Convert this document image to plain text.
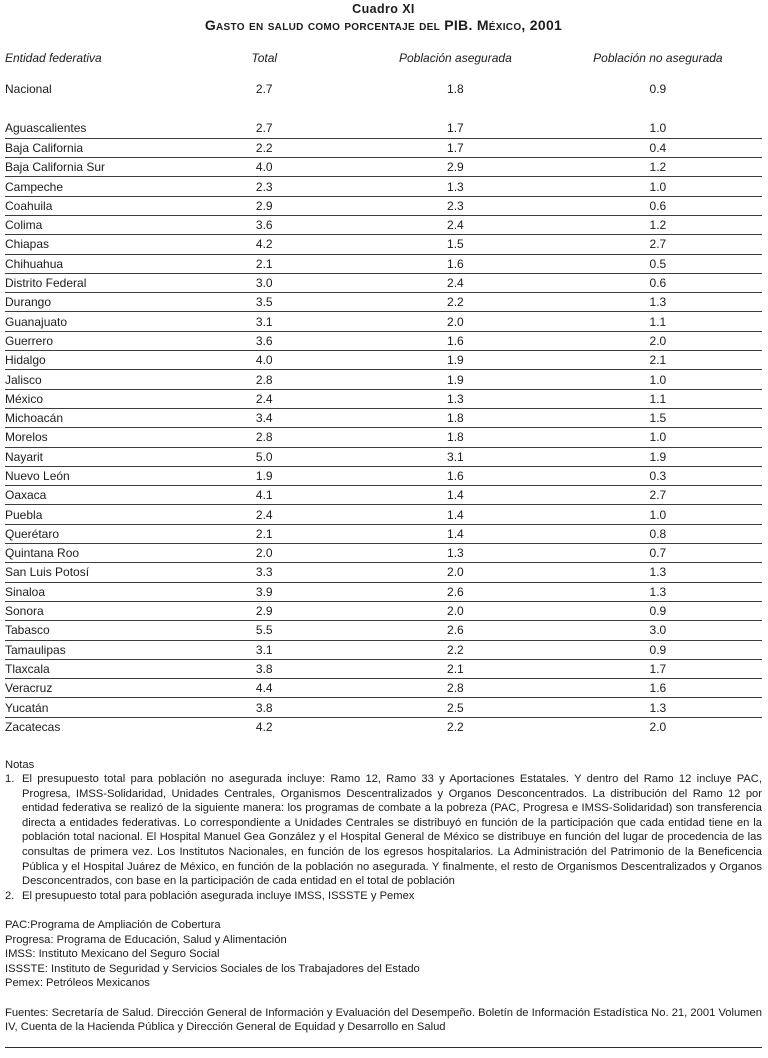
Cuadro XI
Gasto en salud como porcentaje del PIB. México, 2001
Entidad federativa	Total	Población asegurada	Población no asegurada
Nacional	2.7	1.8	0.9
Aguascalientes	2.7	1.7	1.0
Baja California	2.2	1.7	0.4
Baja California Sur	4.0	2.9	1.2
Campeche	2.3	1.3	1.0
Coahuila	2.9	2.3	0.6
Colima	3.6	2.4	1.2
Chiapas	4.2	1.5	2.7
Chihuahua	2.1	1.6	0.5
Distrito Federal	3.0	2.4	0.6
Durango	3.5	2.2	1.3
Guanajuato	3.1	2.0	1.1
Guerrero	3.6	1.6	2.0
Hidalgo	4.0	1.9	2.1
Jalisco	2.8	1.9	1.0
México	2.4	1.3	1.1
Michoacán	3.4	1.8	1.5
Morelos	2.8	1.8	1.0
Nayarit	5.0	3.1	1.9
Nuevo León	1.9	1.6	0.3
Oaxaca	4.1	1.4	2.7
Puebla	2.4	1.4	1.0
Querétaro	2.1	1.4	0.8
Quintana Roo	2.0	1.3	0.7
San Luis Potosí	3.3	2.0	1.3
Sinaloa	3.9	2.6	1.3
Sonora	2.9	2.0	0.9
Tabasco	5.5	2.6	3.0
Tamaulipas	3.1	2.2	0.9
Tlaxcala	3.8	2.1	1.7
Veracruz	4.4	2.8	1.6
Yucatán	3.8	2.5	1.3
Zacatecas	4.2	2.2	2.0
Notas
1. El presupuesto total para población no asegurada incluye: Ramo 12, Ramo 33 y Aportaciones Estatales. Y dentro del Ramo 12 incluye PAC, Progresa, IMSS-Solidaridad, Unidades Centrales, Organismos Descentralizados y Organos Desconcentrados. La distribución del Ramo 12 por entidad federativa se realizó de la siguiente manera: los programas de combate a la pobreza (PAC, Progresa e IMSS-Solidaridad) son transferencia directa a entidades federativas. Lo correspondiente a Unidades Centrales se distribuyó en función de la participación que cada entidad tiene en la población total nacional. El Hospital Manuel Gea González y el Hospital General de México se distribuye en función del lugar de procedencia de las consultas de primera vez. Los Institutos Nacionales, en función de los egresos hospitalarios. La Administración del Patrimonio de la Beneficencia Pública y el Hospital Juárez de México, en función de la población no asegurada. Y finalmente, el resto de Organismos Descentralizados y Organos Desconcentrados, con base en la participación de cada entidad en el total de población
2. El presupuesto total para población asegurada incluye IMSS, ISSSTE y Pemex
PAC:Programa de Ampliación de Cobertura
Progresa: Programa de Educación, Salud y Alimentación
IMSS: Instituto Mexicano del Seguro Social
ISSSTE: Instituto de Seguridad y Servicios Sociales de los Trabajadores del Estado
Pemex: Petróleos Mexicanos
Fuentes: Secretaría de Salud. Dirección General de Información y Evaluación del Desempeño. Boletín de Información Estadística No. 21, 2001 Volumen IV, Cuenta de la Hacienda Pública y Dirección General de Equidad y Desarrollo en Salud
